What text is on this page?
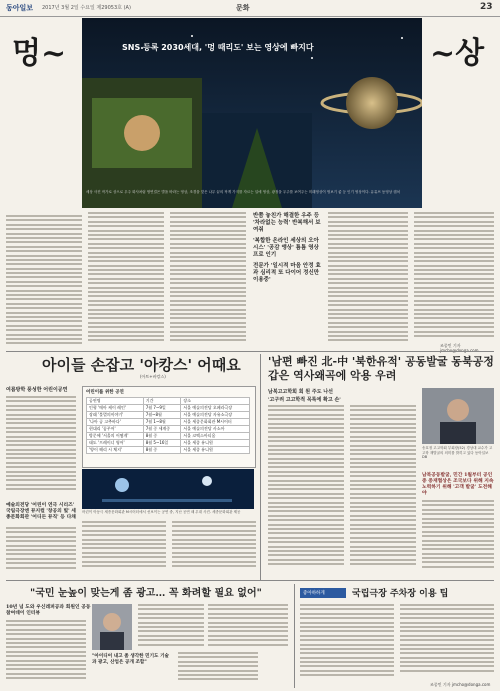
동아일보 2017년 3월 2일 수요일 제29053호 (A)	문화	23
멍~	~상
SNS 등록 2030세대, '멍 때리도' 보는 영상에 빠지다
세상 사진 작가로 상으로 우주 화사처럼 멍연결은 별을 바라는 영상, 조경을 맞은 나무 끝의 작게 가지를 자르는 일에 영상, 광정을 우주를 보여주는 미래영상이 멍보기 좋 등 인기 영상이다. 유튜브 동영상 캡처
반쯤 놓친가 해결한 우주 등 '차라없는 능력' 반복해서 보여줘
'복합한 온라인 세상의 오아시스' '공감 앵상' 틈틈 영상 프로 인기
전문가 '일시적 마음 안정 효과 심리적 또 다이어 정신만 이용중'
조종민 기자
아이들 손잡고 '아캉스' 어때요
(아트+바캉스)
여름방학 풍성한 어린이공연	어린이를 위한 공연
공연명	기간	장소
인형 '메아 케이 레인'	7월 7~9일	서울 예술의전당 오페라극장
장래 '불멸의이야기'	7월~8월	서울 예술의전당 자유소극장
'나아 공 고추바다'	7월 1~8월	서울 세종문화회관 M시어터
현대리 '꿈꾸어'	7월 중 세계중	서울 예술의전당 사소아
방문에 '서울의 어떻게'	8월 중	서울 코엑스아티움
태도 '프레이너 영어'	8월 5~16일	서울 세종 유니원
'양이 해리 시 체지'	8월 중	서울 세종 유니원
어린이 아동극 세종문화회관 M시어터에서 선보이는 공연 중, 지난 공연 때 무대 사진. 세종문화회관 제공
예술의전당 '어린이 연극 시리즈' 국립극장엔 뮤지컬 '창공의 빛' 세종문화회관 '어디든 뮤직' 등 다채
'남편 빠진 北-中 '북한유적' 공동발굴 동북공정 갑은 역사왜곡에 악용 우려
남북고고학회 회 원 주도 나선
'고구려 고고학적 목록에 확고 손'
송호정 고고학회 부회장(52) 경상대 교수가 고고학 재발굴의 의미를 밝히고 있다 동아일보 DB
남북공동발굴, 민간 1월부터 공인 중 중재협상은 조국보다 위해 지속 노력하기 위해 '고객 발굴' 도전해야
"국민 눈높이 맞는게 좀 광고… 꼭 화려할 필요 없어"
10년 넘 도와 우신레퍼공과 회원인 공동참여데이 인터뷰
"아이디어 내고 좀 생각한 민기도 기술과 광고, 산업은 공개 조합"
좋아하하게	국립극장 주차장 이용 팁
조종민 기자 jmcho@donga.com
